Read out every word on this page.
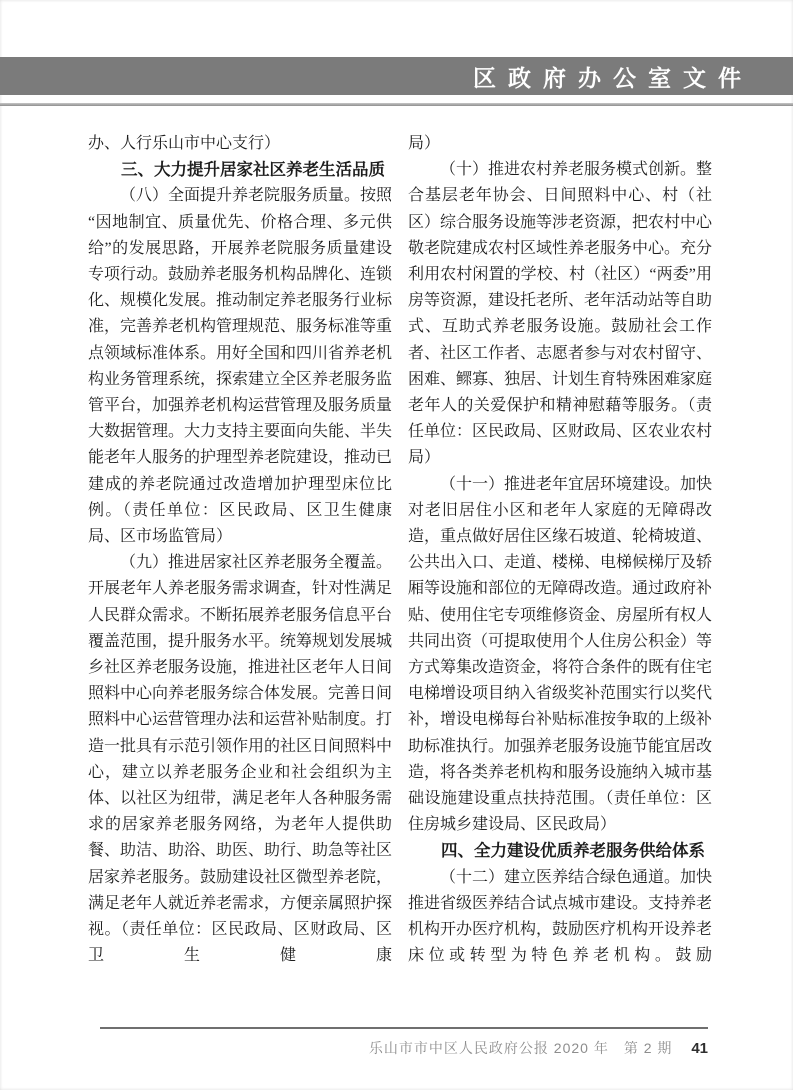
区政府办公室文件

办、人行乐山市中心支行）

三、大力提升居家社区养老生活品质

（八）全面提升养老院服务质量。按照“因地制宜、质量优先、价格合理、多元供给”的发展思路，开展养老院服务质量建设专项行动。鼓励养老服务机构品牌化、连锁化、规模化发展。推动制定养老服务行业标准，完善养老机构管理规范、服务标准等重点领域标准体系。用好全国和四川省养老机构业务管理系统，探索建立全区养老服务监管平台，加强养老机构运营管理及服务质量大数据管理。大力支持主要面向失能、半失能老年人服务的护理型养老院建设，推动已建成的养老院通过改造增加护理型床位比例。（责任单位：区民政局、区卫生健康局、区市场监管局）

（九）推进居家社区养老服务全覆盖。开展老年人养老服务需求调查，针对性满足人民群众需求。不断拓展养老服务信息平台覆盖范围，提升服务水平。统筹规划发展城乡社区养老服务设施，推进社区老年人日间照料中心向养老服务综合体发展。完善日间照料中心运营管理办法和运营补贴制度。打造一批具有示范引领作用的社区日间照料中心，建立以养老服务企业和社会组织为主体、以社区为纽带，满足老年人各种服务需求的居家养老服务网络，为老年人提供助餐、助洁、助浴、助医、助行、助急等社区居家养老服务。鼓励建设社区微型养老院，满足老年人就近养老需求，方便亲属照护探视。（责任单位：区民政局、区财政局、区卫生健康

局）

（十）推进农村养老服务模式创新。整合基层老年协会、日间照料中心、村（社区）综合服务设施等涉老资源，把农村中心敬老院建成农村区域性养老服务中心。充分利用农村闲置的学校、村（社区）“两委”用房等资源，建设托老所、老年活动站等自助式、互助式养老服务设施。鼓励社会工作者、社区工作者、志愿者参与对农村留守、困难、鳏寡、独居、计划生育特殊困难家庭老年人的关爱保护和精神慰藉等服务。（责任单位：区民政局、区财政局、区农业农村局）

（十一）推进老年宜居环境建设。加快对老旧居住小区和老年人家庭的无障碍改造，重点做好居住区缘石坡道、轮椅坡道、公共出入口、走道、楼梯、电梯候梯厅及轿厢等设施和部位的无障碍改造。通过政府补贴、使用住宅专项维修资金、房屋所有权人共同出资（可提取使用个人住房公积金）等方式筹集改造资金，将符合条件的既有住宅电梯增设项目纳入省级奖补范围实行以奖代补，增设电梯每台补贴标准按争取的上级补助标准执行。加强养老服务设施节能宜居改造，将各类养老机构和服务设施纳入城市基础设施建设重点扶持范围。（责任单位：区住房城乡建设局、区民政局）

四、全力建设优质养老服务供给体系

（十二）建立医养结合绿色通道。加快推进省级医养结合试点城市建设。支持养老机构开办医疗机构，鼓励医疗机构开设养老床位或转型为特色养老机构。鼓励

乐山市市中区人民政府公报 2020 年　第 2 期 41
